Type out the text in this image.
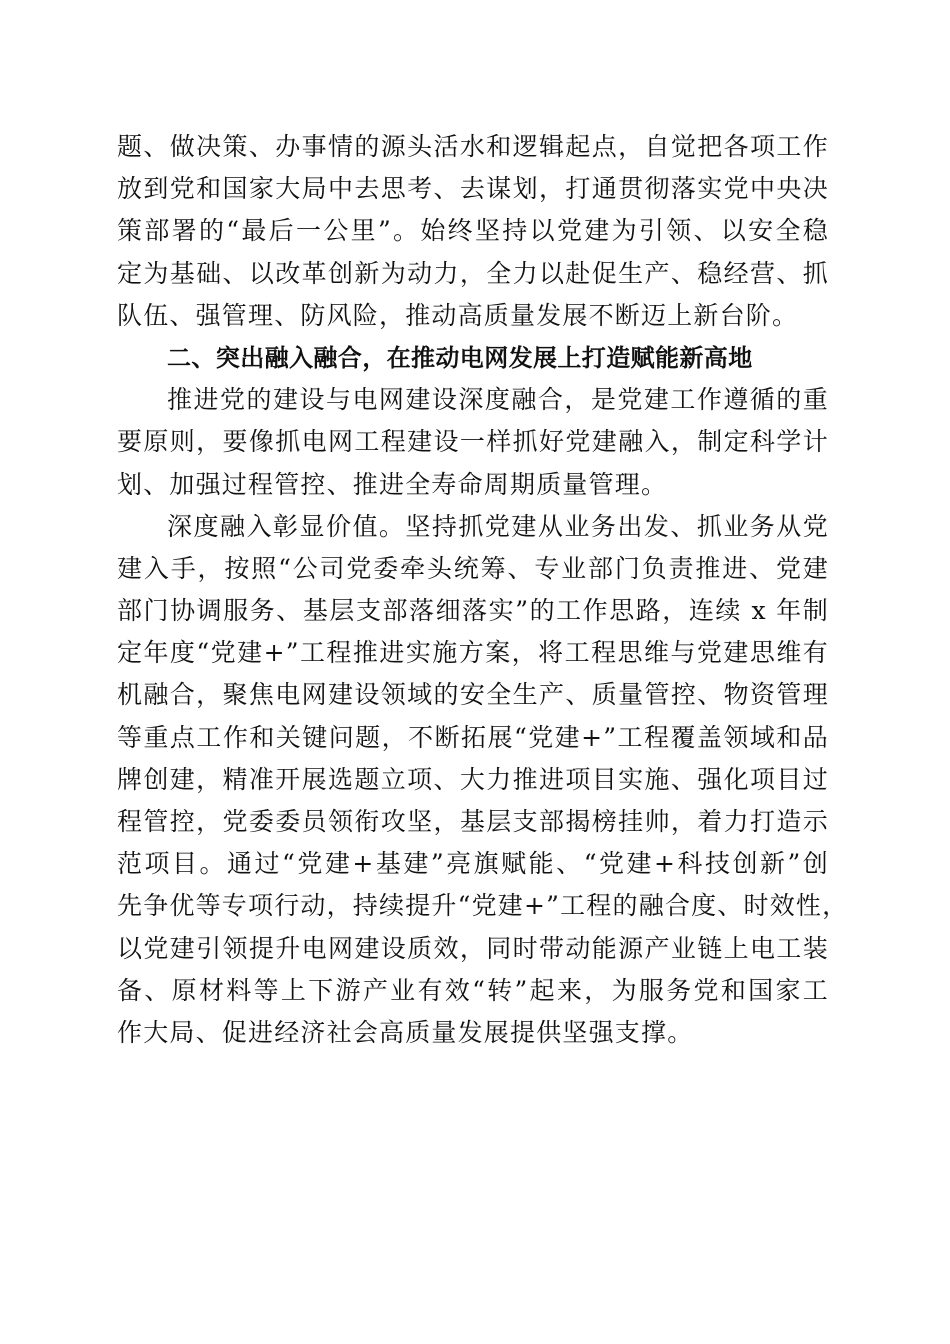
题、做决策、办事情的源头活水和逻辑起点，自觉把各项工作
放到党和国家大局中去思考、去谋划，打通贯彻落实党中央决
策部署的“最后一公里”。始终坚持以党建为引领、以安全稳
定为基础、以改革创新为动力，全力以赴促生产、稳经营、抓
队伍、强管理、防风险，推动高质量发展不断迈上新台阶。
二、突出融入融合，在推动电网发展上打造赋能新高地
推进党的建设与电网建设深度融合，是党建工作遵循的重
要原则，要像抓电网工程建设一样抓好党建融入，制定科学计
划、加强过程管控、推进全寿命周期质量管理。
深度融入彰显价值。坚持抓党建从业务出发、抓业务从党
建入手，按照“公司党委牵头统筹、专业部门负责推进、党建
部门协调服务、基层支部落细落实”的工作思路，连续 x 年制
定年度“党建+”工程推进实施方案，将工程思维与党建思维有
机融合，聚焦电网建设领域的安全生产、质量管控、物资管理
等重点工作和关键问题，不断拓展“党建+”工程覆盖领域和品
牌创建，精准开展选题立项、大力推进项目实施、强化项目过
程管控，党委委员领衔攻坚，基层支部揭榜挂帅，着力打造示
范项目。通过“党建+基建”亮旗赋能、“党建+科技创新”创
先争优等专项行动，持续提升“党建+”工程的融合度、时效性，
以党建引领提升电网建设质效，同时带动能源产业链上电工装
备、原材料等上下游产业有效“转”起来，为服务党和国家工
作大局、促进经济社会高质量发展提供坚强支撑。
